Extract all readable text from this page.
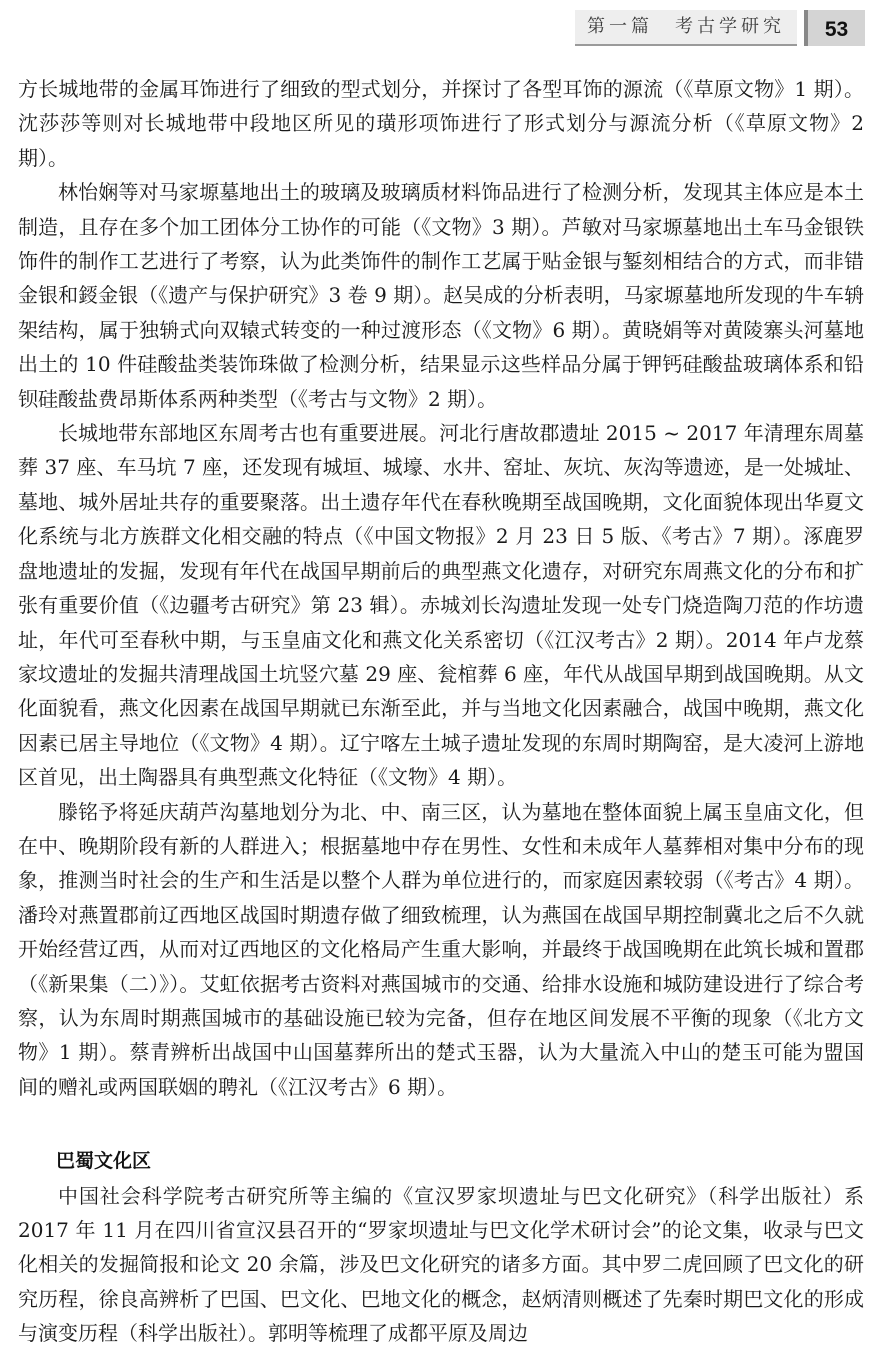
第一篇　考古学研究	53

方长城地带的金属耳饰进行了细致的型式划分，并探讨了各型耳饰的源流（《草原文物》1 期）。沈莎莎等则对长城地带中段地区所见的璜形项饰进行了形式划分与源流分析（《草原文物》2 期）。

林怡娴等对马家塬墓地出土的玻璃及玻璃质材料饰品进行了检测分析，发现其主体应是本土制造，且存在多个加工团体分工协作的可能（《文物》3 期）。芦敏对马家塬墓地出土车马金银铁饰件的制作工艺进行了考察，认为此类饰件的制作工艺属于贴金银与錾刻相结合的方式，而非错金银和鋄金银（《遗产与保护研究》3 卷 9 期）。赵吴成的分析表明，马家塬墓地所发现的牛车辀架结构，属于独辀式向双辕式转变的一种过渡形态（《文物》6 期）。黄晓娟等对黄陵寨头河墓地出土的 10 件硅酸盐类装饰珠做了检测分析，结果显示这些样品分属于钾钙硅酸盐玻璃体系和铅钡硅酸盐费昂斯体系两种类型（《考古与文物》2 期）。

长城地带东部地区东周考古也有重要进展。河北行唐故郡遗址 2015 ~ 2017 年清理东周墓葬 37 座、车马坑 7 座，还发现有城垣、城壕、水井、窑址、灰坑、灰沟等遗迹，是一处城址、墓地、城外居址共存的重要聚落。出土遗存年代在春秋晚期至战国晚期，文化面貌体现出华夏文化系统与北方族群文化相交融的特点（《中国文物报》2 月 23 日 5 版、《考古》7 期）。涿鹿罗盘地遗址的发掘，发现有年代在战国早期前后的典型燕文化遗存，对研究东周燕文化的分布和扩张有重要价值（《边疆考古研究》第 23 辑）。赤城刘长沟遗址发现一处专门烧造陶刀范的作坊遗址，年代可至春秋中期，与玉皇庙文化和燕文化关系密切（《江汉考古》2 期）。2014 年卢龙蔡家坟遗址的发掘共清理战国土坑竖穴墓 29 座、瓮棺葬 6 座，年代从战国早期到战国晚期。从文化面貌看，燕文化因素在战国早期就已东渐至此，并与当地文化因素融合，战国中晚期，燕文化因素已居主导地位（《文物》4 期）。辽宁喀左土城子遗址发现的东周时期陶窑，是大凌河上游地区首见，出土陶器具有典型燕文化特征（《文物》4 期）。

滕铭予将延庆葫芦沟墓地划分为北、中、南三区，认为墓地在整体面貌上属玉皇庙文化，但在中、晚期阶段有新的人群进入；根据墓地中存在男性、女性和未成年人墓葬相对集中分布的现象，推测当时社会的生产和生活是以整个人群为单位进行的，而家庭因素较弱（《考古》4 期）。潘玲对燕置郡前辽西地区战国时期遗存做了细致梳理，认为燕国在战国早期控制冀北之后不久就开始经营辽西，从而对辽西地区的文化格局产生重大影响，并最终于战国晚期在此筑长城和置郡（《新果集（二）》）。艾虹依据考古资料对燕国城市的交通、给排水设施和城防建设进行了综合考察，认为东周时期燕国城市的基础设施已较为完备，但存在地区间发展不平衡的现象（《北方文物》1 期）。蔡青辨析出战国中山国墓葬所出的楚式玉器，认为大量流入中山的楚玉可能为盟国间的赠礼或两国联姻的聘礼（《江汉考古》6 期）。

巴蜀文化区

中国社会科学院考古研究所等主编的《宣汉罗家坝遗址与巴文化研究》（科学出版社）系 2017 年 11 月在四川省宣汉县召开的“罗家坝遗址与巴文化学术研讨会”的论文集，收录与巴文化相关的发掘简报和论文 20 余篇，涉及巴文化研究的诸多方面。其中罗二虎回顾了巴文化的研究历程，徐良高辨析了巴国、巴文化、巴地文化的概念，赵炳清则概述了先秦时期巴文化的形成与演变历程（科学出版社）。郭明等梳理了成都平原及周边
